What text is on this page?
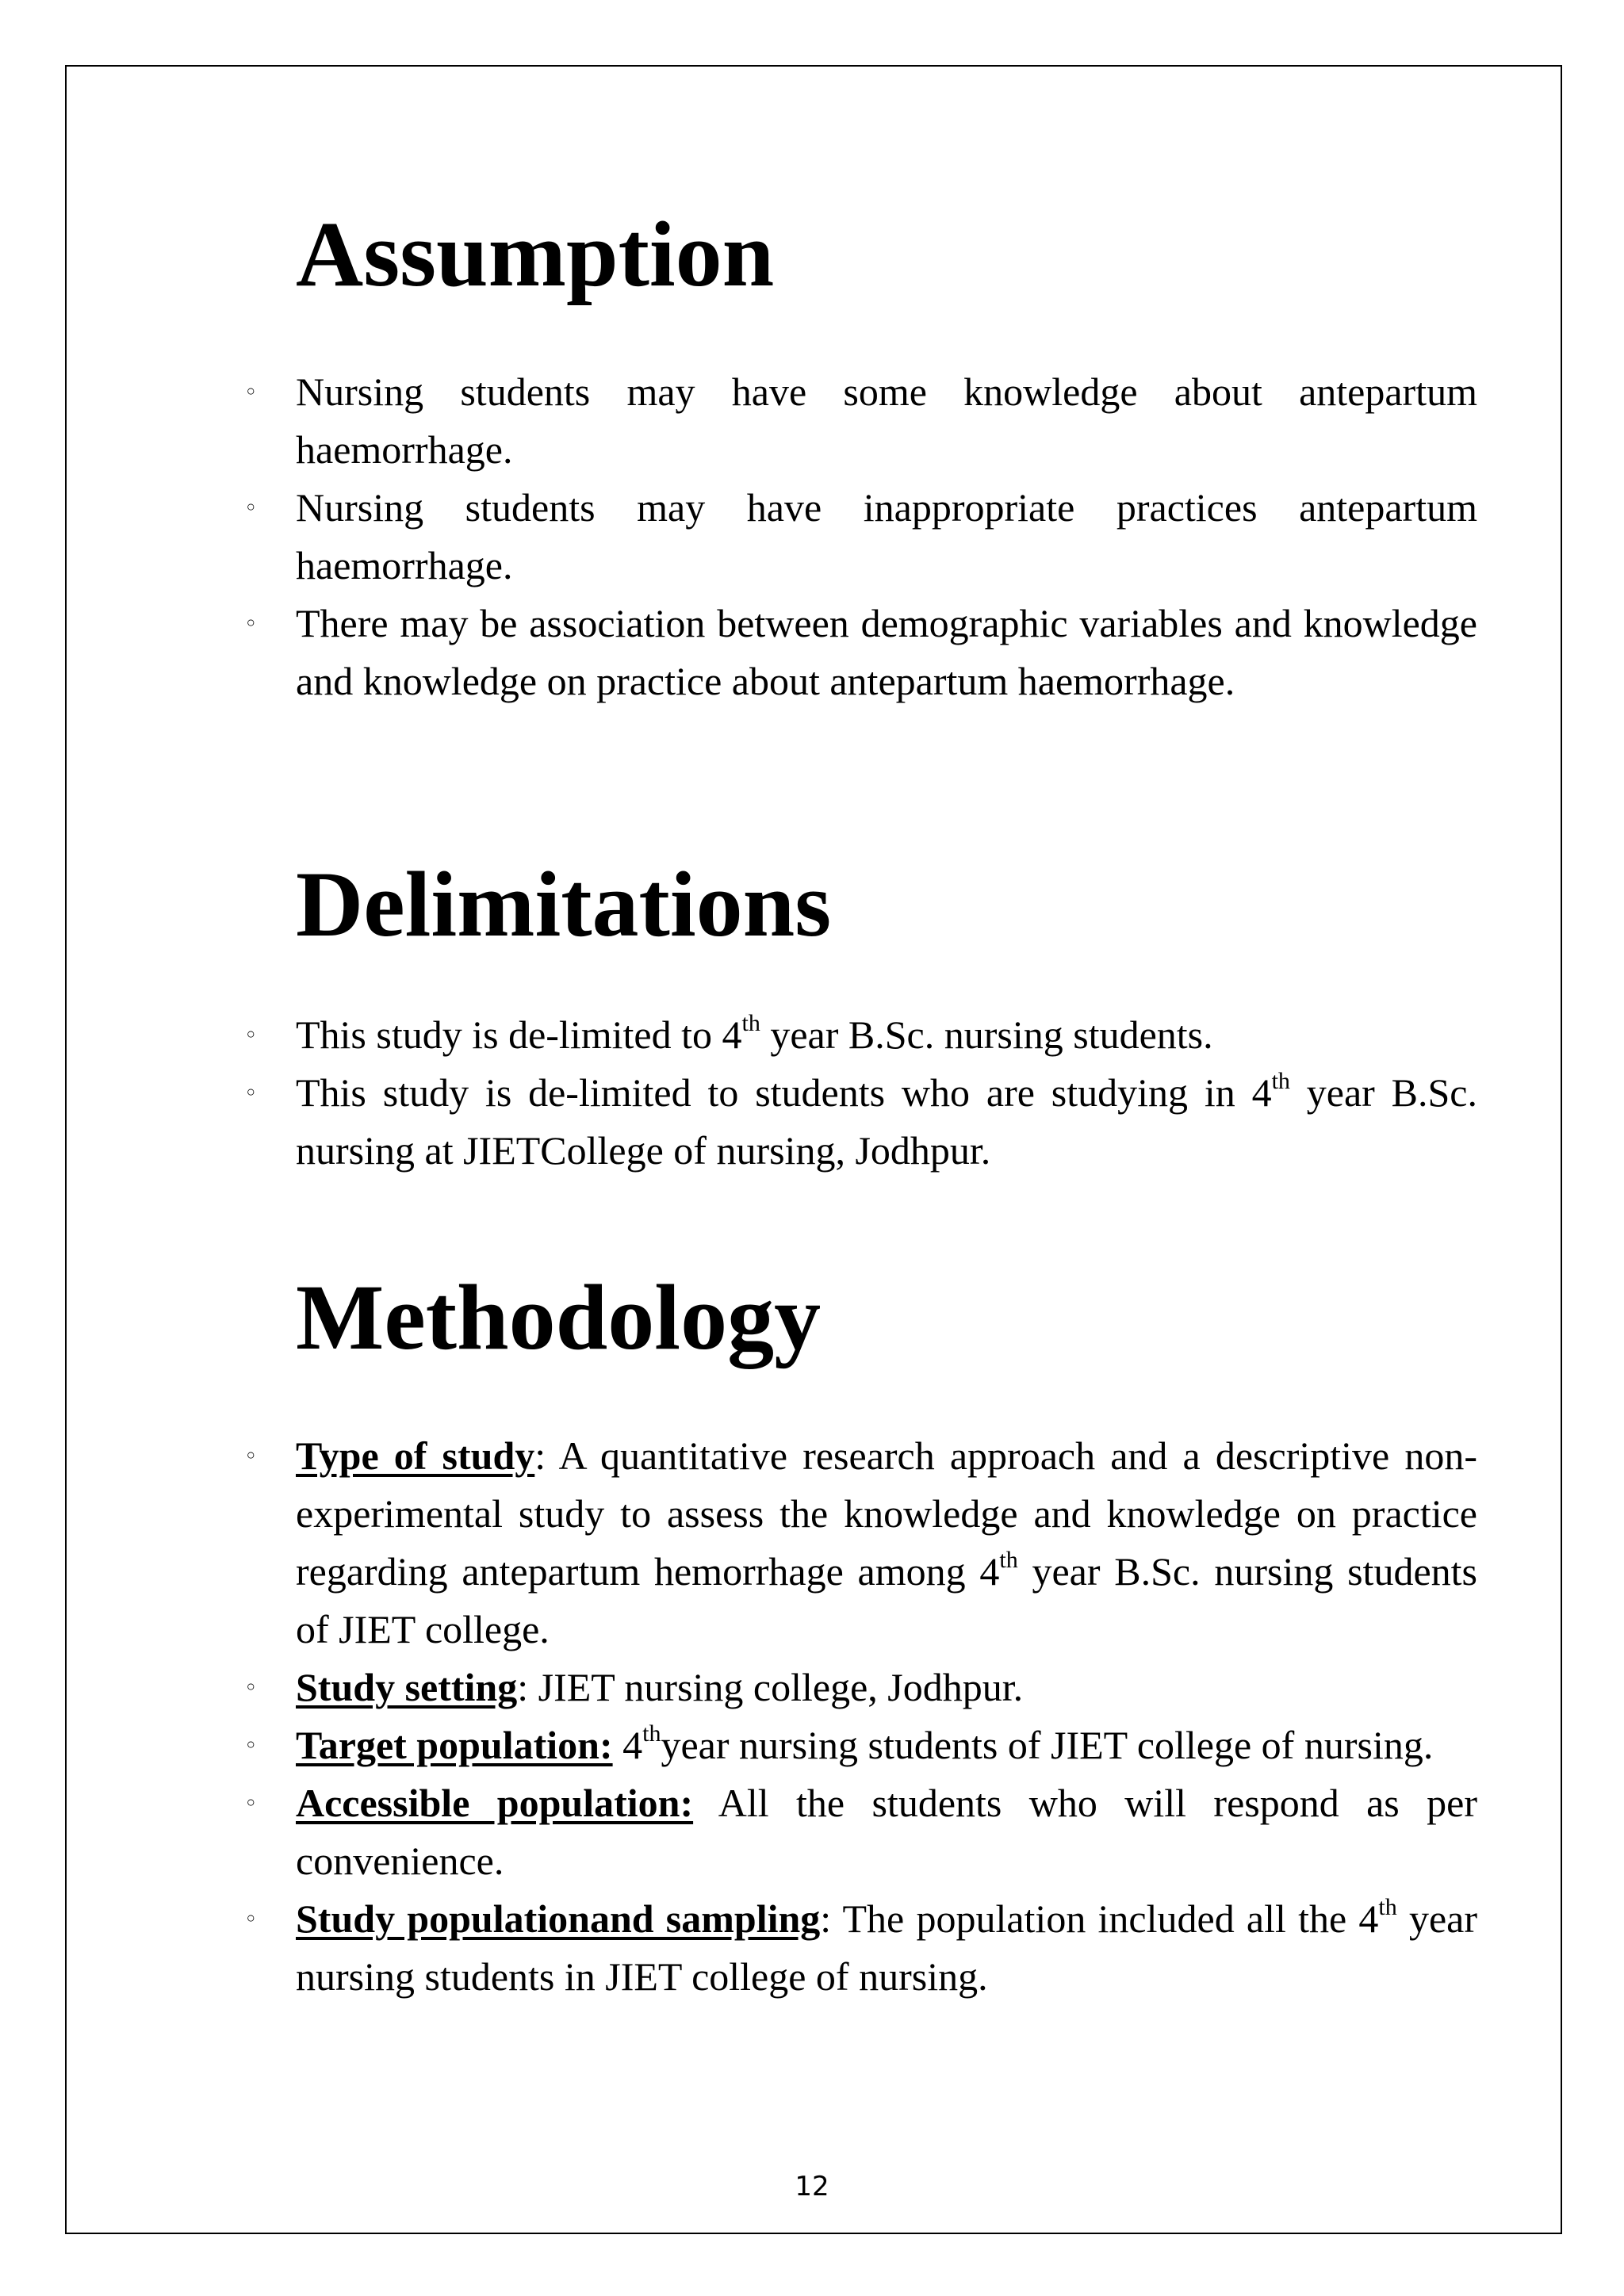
Assumption
◦ Nursing students may have some knowledge about antepartum haemorrhage.
◦ Nursing students may have inappropriate practices antepartum haemorrhage.
◦ There may be association between demographic variables and knowledge and knowledge on practice about antepartum haemorrhage.
Delimitations
◦ This study is de-limited to 4th year B.Sc. nursing students.
◦ This study is de-limited to students who are studying in 4th year B.Sc. nursing at JIETCollege of nursing, Jodhpur.
Methodology
◦ Type of study: A quantitative research approach and a descriptive non-experimental study to assess the knowledge and knowledge on practice regarding antepartum hemorrhage among 4th year B.Sc. nursing students of JIET college.
◦ Study setting: JIET nursing college, Jodhpur.
◦ Target population: 4thyear nursing students of JIET college of nursing.
◦ Accessible population: All the students who will respond as per convenience.
◦ Study populationand sampling: The population included all the 4th year nursing students in JIET college of nursing.
12
